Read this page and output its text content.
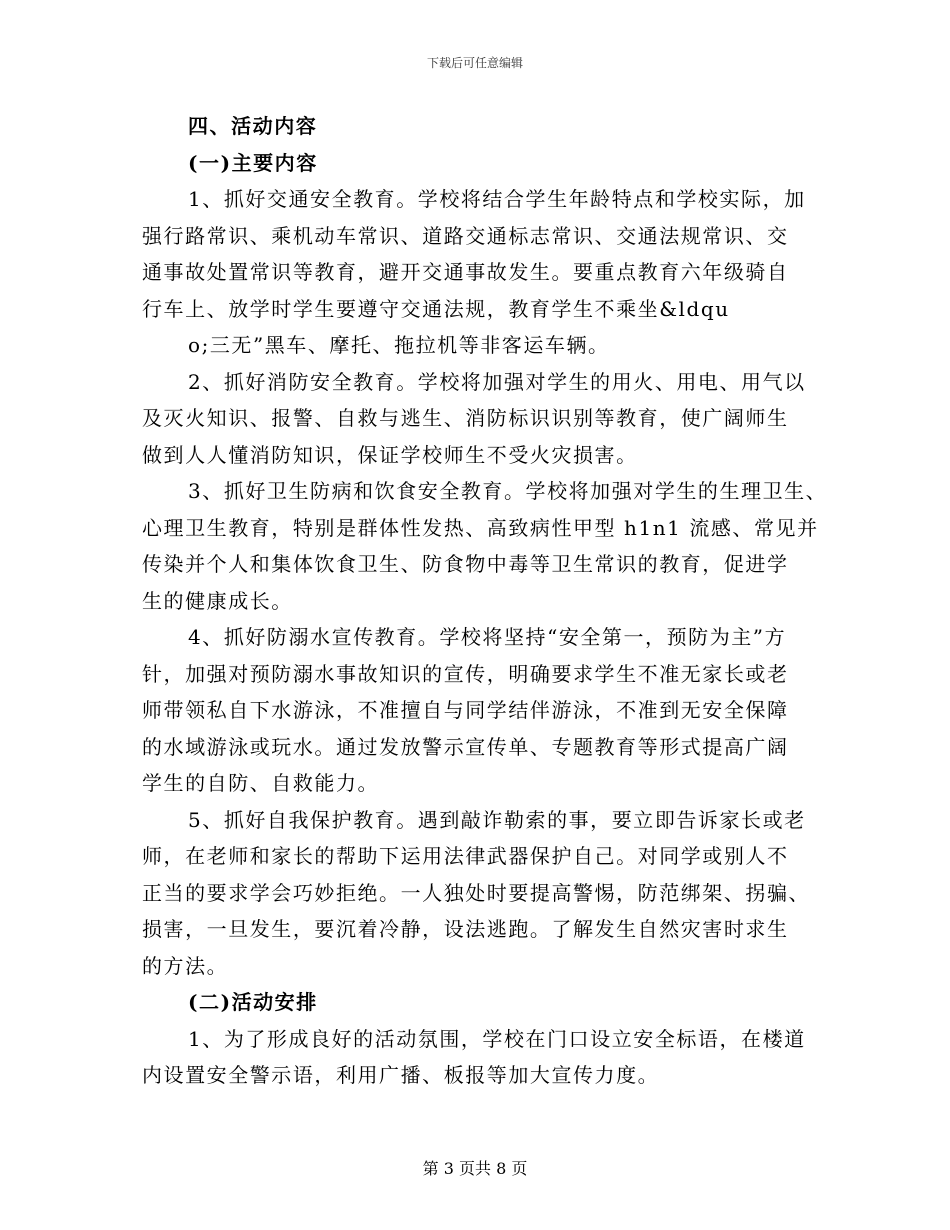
下载后可任意编辑
四、活动内容
(一)主要内容
1、抓好交通安全教育。学校将结合学生年龄特点和学校实际，加
强行路常识、乘机动车常识、道路交通标志常识、交通法规常识、交
通事故处置常识等教育，避开交通事故发生。要重点教育六年级骑自
行车上、放学时学生要遵守交通法规，教育学生不乘坐&ldqu
o;三无”黑车、摩托、拖拉机等非客运车辆。
2、抓好消防安全教育。学校将加强对学生的用火、用电、用气以
及灭火知识、报警、自救与逃生、消防标识识别等教育，使广阔师生
做到人人懂消防知识，保证学校师生不受火灾损害。
3、抓好卫生防病和饮食安全教育。学校将加强对学生的生理卫生、
心理卫生教育，特别是群体性发热、高致病性甲型 h1n1 流感、常见并
传染并个人和集体饮食卫生、防食物中毒等卫生常识的教育，促进学
生的健康成长。
4、抓好防溺水宣传教育。学校将坚持“安全第一，预防为主”方
针，加强对预防溺水事故知识的宣传，明确要求学生不准无家长或老
师带领私自下水游泳，不准擅自与同学结伴游泳，不准到无安全保障
的水域游泳或玩水。通过发放警示宣传单、专题教育等形式提高广阔
学生的自防、自救能力。
5、抓好自我保护教育。遇到敲诈勒索的事，要立即告诉家长或老
师，在老师和家长的帮助下运用法律武器保护自己。对同学或别人不
正当的要求学会巧妙拒绝。一人独处时要提高警惕，防范绑架、拐骗、
损害，一旦发生，要沉着冷静，设法逃跑。了解发生自然灾害时求生
的方法。
(二)活动安排
1、为了形成良好的活动氛围，学校在门口设立安全标语，在楼道
内设置安全警示语，利用广播、板报等加大宣传力度。
第 3 页共 8 页
